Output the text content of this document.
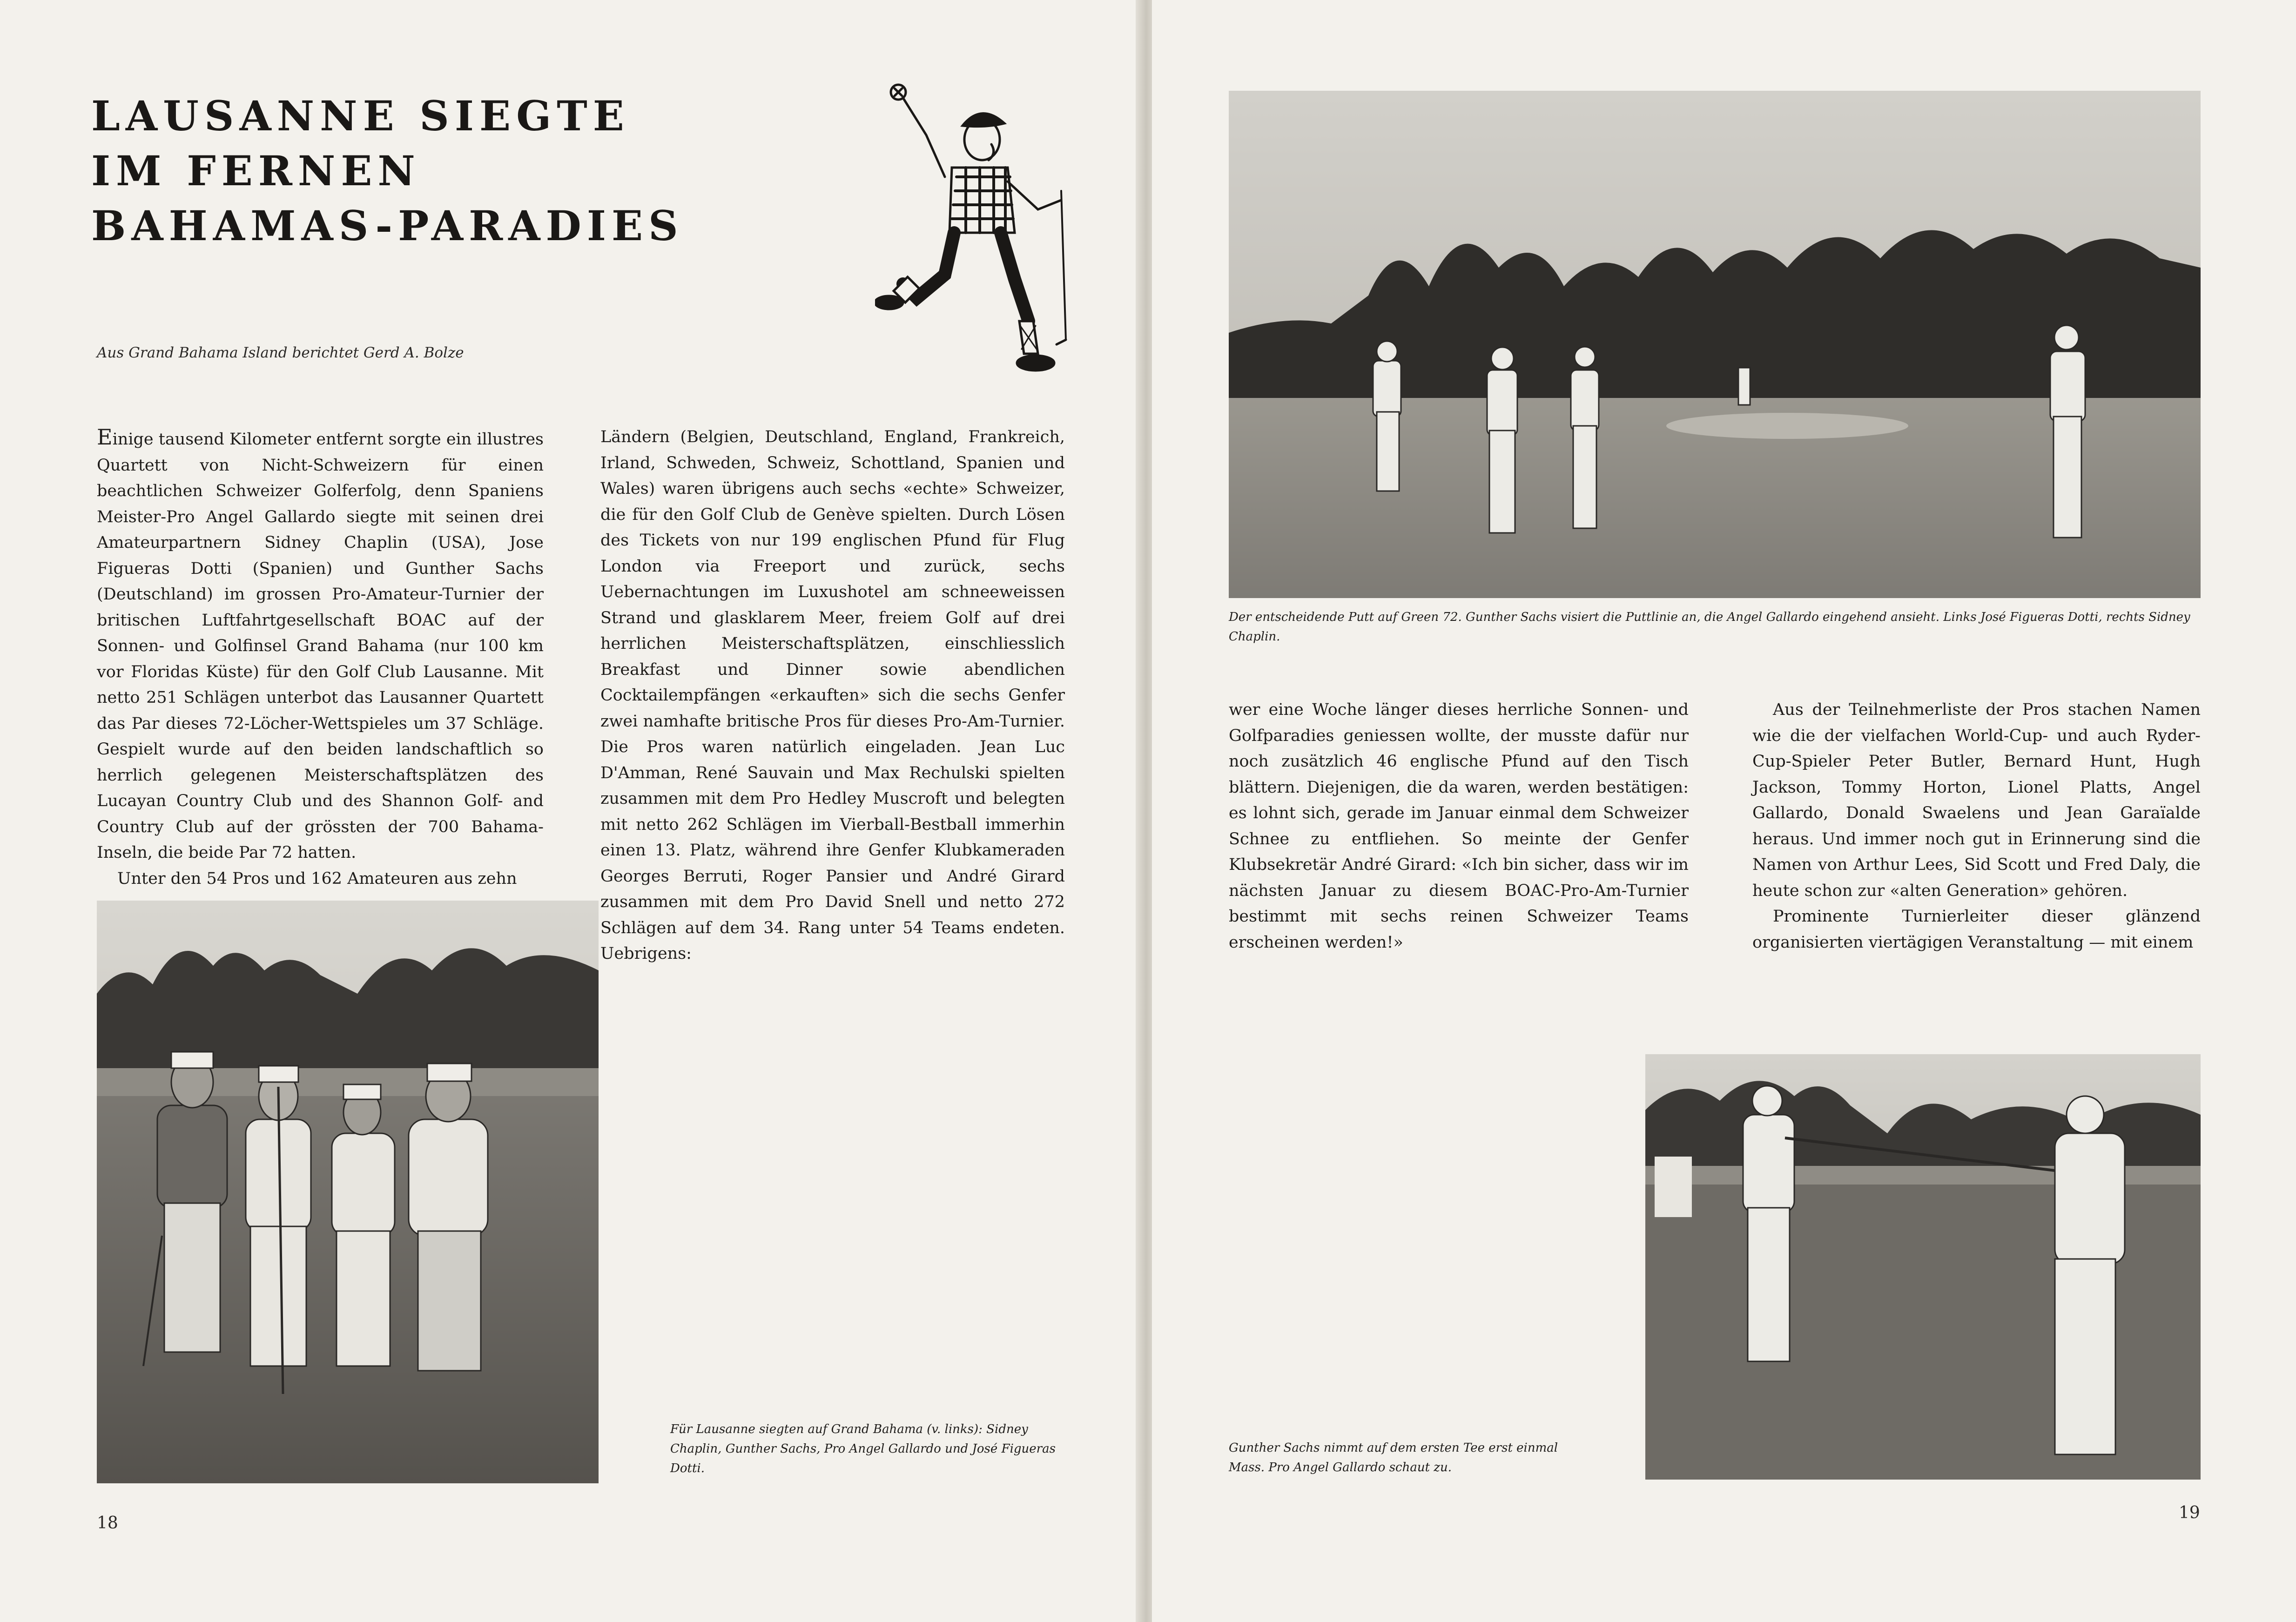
LAUSANNE SIEGTE
IM FERNEN
BAHAMAS-PARADIES
Aus Grand Bahama Island berichtet Gerd A. Bolze

Einige tausend Kilometer entfernt sorgte ein illustres Quartett von Nicht-Schweizern für einen beachtlichen Schweizer Golferfolg, denn Spaniens Meister-Pro Angel Gallardo siegte mit seinen drei Amateurpartnern Sidney Chaplin (USA), Jose Figueras Dotti (Spanien) und Gunther Sachs (Deutschland) im grossen Pro-Amateur-Turnier der britischen Luftfahrtgesellschaft BOAC auf der Sonnen- und Golfinsel Grand Bahama (nur 100 km vor Floridas Küste) für den Golf Club Lausanne. Mit netto 251 Schlägen unterbot das Lausanner Quartett das Par dieses 72-Löcher-Wettspieles um 37 Schläge. Gespielt wurde auf den beiden landschaftlich so herrlich gelegenen Meisterschaftsplätzen des Lucayan Country Club und des Shannon Golf- and Country Club auf der grössten der 700 Bahama-Inseln, die beide Par 72 hatten.

Unter den 54 Pros und 162 Amateuren aus zehn

Ländern (Belgien, Deutschland, England, Frankreich, Irland, Schweden, Schweiz, Schottland, Spanien und Wales) waren übrigens auch sechs «echte» Schweizer, die für den Golf Club de Genève spielten. Durch Lösen des Tickets von nur 199 englischen Pfund für Flug London via Freeport und zurück, sechs Uebernachtungen im Luxushotel am schneeweissen Strand und glasklarem Meer, freiem Golf auf drei herrlichen Meisterschaftsplätzen, einschliesslich Breakfast und Dinner sowie abendlichen Cocktailempfängen «erkauften» sich die sechs Genfer zwei namhafte britische Pros für dieses Pro-Am-Turnier. Die Pros waren natürlich eingeladen. Jean Luc D'Amman, René Sauvain und Max Rechulski spielten zusammen mit dem Pro Hedley Muscroft und belegten mit netto 262 Schlägen im Vierball-Bestball immerhin einen 13. Platz, während ihre Genfer Klubkameraden Georges Berruti, Roger Pansier und André Girard zusammen mit dem Pro David Snell und netto 272 Schlägen auf dem 34. Rang unter 54 Teams endeten. Uebrigens:

Für Lausanne siegten auf Grand Bahama (v. links): Sidney Chaplin, Gunther Sachs, Pro Angel Gallardo und José Figueras Dotti.
18
Der entscheidende Putt auf Green 72. Gunther Sachs visiert die Puttlinie an, die Angel Gallardo eingehend ansieht. Links José Figueras Dotti, rechts Sidney Chaplin.

wer eine Woche länger dieses herrliche Sonnen- und Golfparadies geniessen wollte, der musste dafür nur noch zusätzlich 46 englische Pfund auf den Tisch blättern. Diejenigen, die da waren, werden bestätigen: es lohnt sich, gerade im Januar einmal dem Schweizer Schnee zu entfliehen. So meinte der Genfer Klubsekretär André Girard: «Ich bin sicher, dass wir im nächsten Januar zu diesem BOAC-Pro-Am-Turnier bestimmt mit sechs reinen Schweizer Teams erscheinen werden!»

Aus der Teilnehmerliste der Pros stachen Namen wie die der vielfachen World-Cup- und auch Ryder-Cup-Spieler Peter Butler, Bernard Hunt, Hugh Jackson, Tommy Horton, Lionel Platts, Angel Gallardo, Donald Swaelens und Jean Garaïalde heraus. Und immer noch gut in Erinnerung sind die Namen von Arthur Lees, Sid Scott und Fred Daly, die heute schon zur «alten Generation» gehören.

Prominente Turnierleiter dieser glänzend organisierten viertägigen Veranstaltung — mit einem

Gunther Sachs nimmt auf dem ersten Tee erst einmal Mass. Pro Angel Gallardo schaut zu.
19
